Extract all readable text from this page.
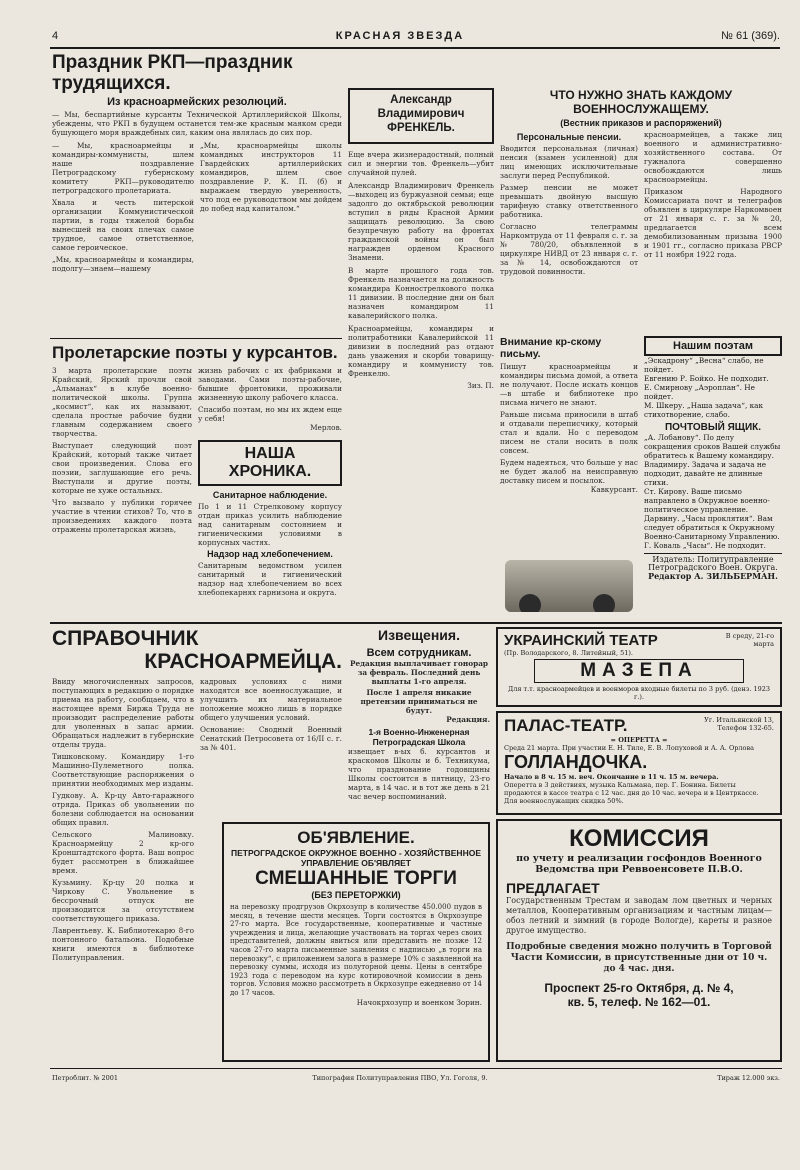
4	КРАСНАЯ ЗВЕЗДА	№ 61 (369).
Праздник РКП—праздник трудящихся.
Из красноармейских резолюций.

— Мы, беспартийные курсанты Технической Артиллерийской Школы, убеждены, что РКП в будущем останется тем-же красным маяком среди бушующего моря враждебных сил, каким она являлась до сих пор.

— Мы, красноармейцы и командиры-коммунисты, шлем наше поздравление Петроградскому губернскому комитету РКП—руководителю петроградского пролетариата.

Хвала и честь питерской организации Коммунистической партии, в годы тяжелой борьбы вынесшей на своих плечах самое трудное, самое ответственное, самое героическое.

„Мы, красноармейцы и командиры, подолгу—знаем—нашему

„Мы, красноармейцы школы командных инструкторов 11 Гвардейских артиллерийских командиров, шлем свое поздравление Р. К. П. (б) и выражаем твердую уверенность, что под ее руководством мы дойдем до побед над капиталом.“

Александр Владимирович ФРЕНКЕЛЬ.

Еще вчера жизнерадостный, полный сил и энергии тов. Френкель—убит случайной пулей.

Александр Владимирович Френкель—выходец из буржуазной семьи; еще задолго до октябрьской революции вступил в ряды Красной Армии защищать революцию. За свою безупречную работу на фронтах гражданской войны он был награжден орденом Красного Знамени.

В марте прошлого года тов. Френкель назначается на должность командира Коннострелкового полка 11 дивизии. В последние дни он был назначен командиром 11 кавалерийского полка.

Красноармейцы, командиры и политработники Кавалерийской 11 дивизии в последний раз отдают дань уважения и скорби товарищу-командиру и коммунисту тов. Френкелю.

Зиз. П.
ЧТО НУЖНО ЗНАТЬ КАЖДОМУ ВОЕННОСЛУЖАЩЕМУ.
(Вестник приказов и распоряжений)
Персональные пенсии.

Вводится персональная (личная) пенсия (взамен усиленной) для лиц имеющих исключительные заслуги перед Республикой.

Размер пенсии не может превышать двойную высшую тарифную ставку ответственного работника.

Согласно телеграммы Наркомтруда от 11 февраля с. г. за № 780/20, объявленной в циркуляре НИВД от 23 января с. г. за № 14, освобождаются от трудовой повинности.

красноармейцев, а также лиц военного и административно-хозяйственного состава. От гужналога совершенно освобождаются лишь красноармейцы.

Приказом Народного Комиссариата почт и телеграфов объявлен в циркуляре Наркомвоен от 21 января с. г. за № 20, предлагается всем демобилизованным призыва 1900 и 1901 гг., согласно приказа РВСР от 11 ноября 1922 года.

Внимание кр-скому письму.

Пишут красноармейцы и командиры письма домой, а ответа не получают. После искать концов—в штабе и библиотеке про письма ничего не знают.

Раньше письма приносили в штаб и отдавали переписчику, который стал и вдали. Но с переводом писем не стали носить в полк совсем.

Будем надеяться, что больше у нас не будет жалоб на неисправную доставку писем и посылок.

Кавкурсант.
Пролетарские поэты у курсантов.

3 марта пролетарские поэты Крайский, Ярский прочли свой „Альманах“ в клубе военно-политической школы. Группа „космист“, как их называют, сделала простые рабочие будни главным содержанием своего творчества.

Выступает следующий поэт Крайский, который также читает свои произведения. Слова его поэзии, заглушающие его речь. Выступали и другие поэты, которые не хуже остальных.

Что вызвало у публики горячее участие в чтении стихов? То, что в произведениях каждого поэта отражены пролетарская жизнь,

жизнь рабочих с их фабриками и заводами. Сами поэты-рабочие, бывшие фронтовики, проживали жизненную школу рабочего класса.

Спасибо поэтам, но мы их ждем еще у себя!

Мерлов.
НАША ХРОНИКА.
Санитарное наблюдение.

По 1 и 11 Стрелковому корпусу отдан приказ усилить наблюдение над санитарным состоянием и гигиеническими условиями в корпусных частях.

Надзор над хлебопечением.

Санитарным ведомством усилен санитарный и гигиенический надзор над хлебопечением во всех хлебопекарнях гарнизона и округа.

Нашим поэтам

„Эскадрону“ „Весна“ слабо, не пойдет.

Евгению Р. Бойко. Не подходит.

Е. Смирнову „Аэроплан“. Не пойдет.

М. Шкеру. „Наша задача“, как стихотворение, слабо.

ПОЧТОВЫЙ ЯЩИК.

„А. Лобанову“. По делу сокращения сроков Вашей службы обратитесь к Вашему командиру.

Владимиру. Задача и задача не подходит, давайте не длинные стихи.

Ст. Кирову. Ваше письмо направлено в Окружное военно-политическое управление.

Дарвину. „Часы проклятия“. Вам следует обратиться к Окружному Военно-Санитарному Управлению.

Г. Коваль „Часы“. Не подходит.

Издатель: Политуправление
Петроградского Воен. Округа.
Редактор А. ЗИЛЬБЕРМАН.
СПРАВОЧНИК
КРАСНОАРМЕЙЦА.

Ввиду многочисленных запросов, поступающих в редакцию о порядке приема на работу, сообщаем, что в настоящее время Биржа Труда не производит распределение работы для уволенных в запас армии. Обращаться надлежит в губернские отделы труда.

Тишковскому. Командиру 1-го Машинно-Пулеметного полка. Соответствующие распоряжения о принятии необходимых мер изданы.

Гудкову. А. Кр-цу Авто-гаражного отряда. Приказ об увольнении по болезни соблюдается на основании общих правил.

Сельского Малиновку. Красноармейцу 2 кр-ого Кронштадтского форта. Ваш вопрос будет рассмотрен в ближайшее время.

Кузьмину. Кр-цу 20 полка и Чиркову С. Увольнение в бессрочный отпуск не производится за отсутствием соответствующего приказа.

Лаврентьеву. К. Библиотекарю 8-го понтонного батальона. Подобные книги имеются в библиотеке Политуправления.

кадровых условиях с ними находятся все военнослужащие, и улучшить их материальное положение можно лишь в порядке общего улучшения условий.

Основание: Сводный Военный Сенатский Петросовета от 16/II с. г. за № 401.

Извещения.
Всем сотрудникам.

Редакция выплачивает гонорар за февраль. Последний день выплаты 1-го апреля.

После 1 апреля никакие претензии приниматься не будут.

Редакция.
1-я Военно-Инженерная Петроградская Школа

извещает в-ых б. курсантов и краскомов Школы и б. Техникума, что празднование годовщины Школы состоится в пятницу, 23-го марта, в 14 час. и в тот же день в 21 час вечер воспоминаний.

ОБ'ЯВЛЕНИЕ.
ПЕТРОГРАДСКОЕ ОКРУЖНОЕ ВОЕННО - ХОЗЯЙСТВЕННОЕ
УПРАВЛЕНИЕ ОБ'ЯВЛЯЕТ
СМЕШАННЫЕ ТОРГИ
(БЕЗ ПЕРЕТОРЖКИ)

на перевозку продгрузов Окрхозупр в количестве 450.000 пудов в месяц, в течение шести месяцев. Торги состоятся в Окрхозупре 27-го марта. Все государственные, кооперативные и частные учреждения и лица, желающие участвовать на торгах через своих представителей, должны явиться или представить не позже 12 часов 27-го марта письменные заявления с надписью „в торги на перевозку“, с приложением залога в размере 10% с заявленной на перевозку суммы, исходя из полуторной цены. Цены в сентябре 1923 года с переводом на курс котировочной комиссии в день торгов. Условия можно рассмотреть в Окрхозупре ежедневно от 14 до 17 часов.

Начокрхозупр и военком Зорин.
УКРАИНСКИЙ ТЕАТР
(Пр. Володарского, 8. Литейный, 51).
В среду, 21-го марта
МАЗЕПА
Для т.т. красноармейцев и военморов входные билеты по 3 руб. (денз. 1923 г.).
ПАЛАС-ТЕАТР.	Уг. Итальянской 13, Телефон 132-65.
= ОПЕРЕТТА =
Среда 21 марта. При участии Е. Н. Тиле, Е. В. Лопуховой и А. А. Орлова
ГОЛЛАНДОЧКА.
Начало в 8 ч. 15 м. веч. Окончание в 11 ч. 15 м. вечера.
Оперетта в 3 действиях, музыка Кальмана, пер. Г. Бонина. Билеты продаются в кассе театра с 12 час. дня до 10 час. вечера и в Центркассе. Для военнослужащих скидка 50%.
КОМИССИЯ
по учету и реализации госфондов Военного
Ведомства при Реввоенсовете П.В.О.
ПРЕДЛАГАЕТ

Государственным Трестам и заводам лом цветных и черных металлов, Кооперативным организациям и частным лицам—обоз летний и зимний (в городе Вологде), кареты и разное другое имущество.

Подробные сведения можно получить в Торговой Части Комиссии, в присутственные дни от 10 ч. до 4 час. дня.

Проспект 25-го Октября, д. № 4,
кв. 5, телеф. № 162—01.
Петроблит. № 2001	Типография Политуправления ПВО, Ул. Гоголя, 9.	Тираж 12.000 экз.
